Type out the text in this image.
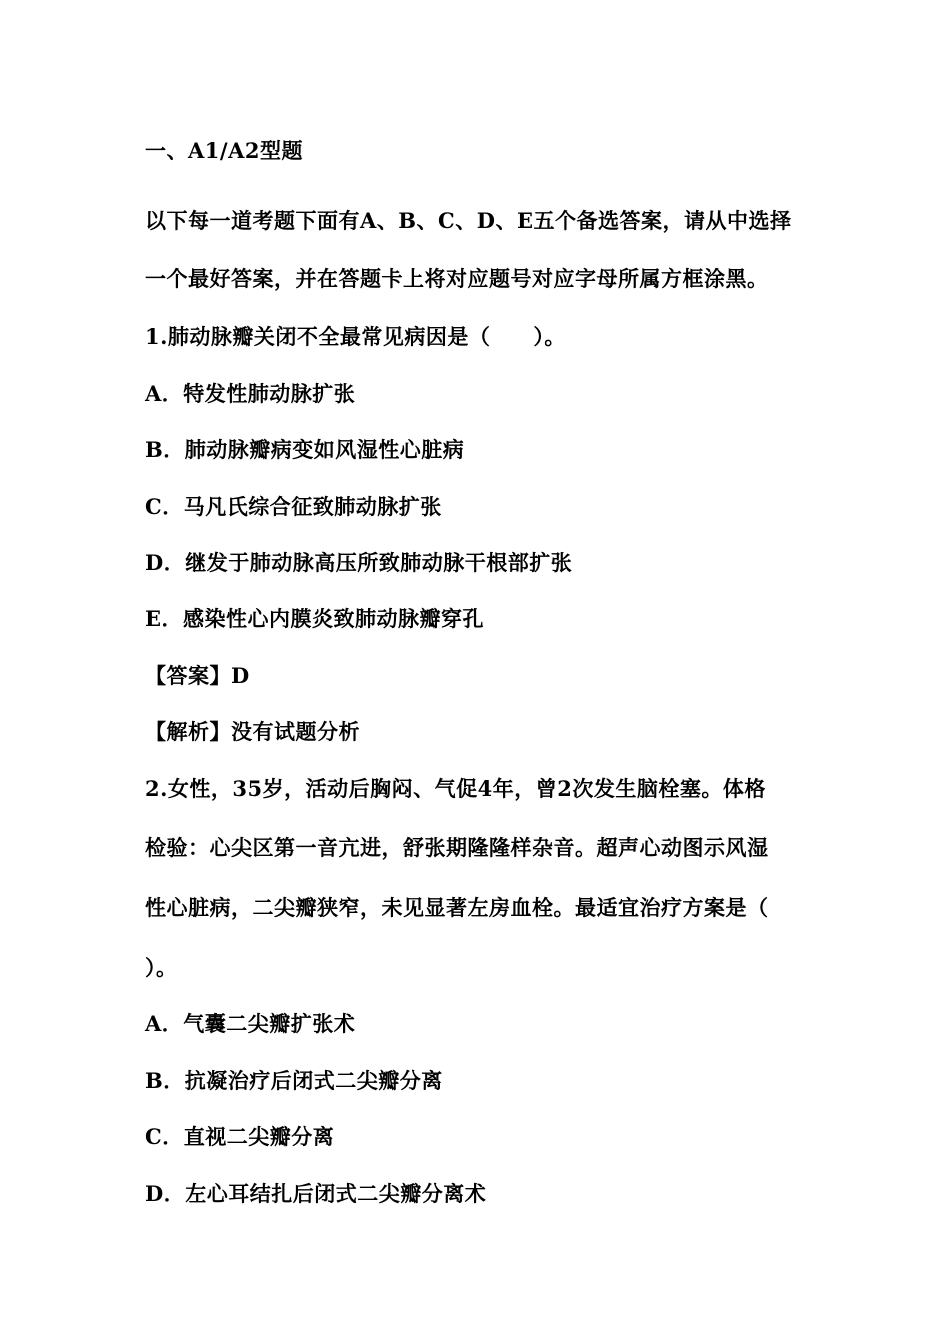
一、A1/A2型题
以下每一道考题下面有A、B、C、D、E五个备选答案，请从中选择
一个最好答案，并在答题卡上将对应题号对应字母所属方框涂黑。
1.肺动脉瓣关闭不全最常见病因是（　　）。
A．特发性肺动脉扩张
B．肺动脉瓣病变如风湿性心脏病
C．马凡氏综合征致肺动脉扩张
D．继发于肺动脉高压所致肺动脉干根部扩张
E．感染性心内膜炎致肺动脉瓣穿孔
【答案】D
【解析】没有试题分析
2.女性，35岁，活动后胸闷、气促4年，曾2次发生脑栓塞。体格
检验：心尖区第一音亢进，舒张期隆隆样杂音。超声心动图示风湿
性心脏病，二尖瓣狭窄，未见显著左房血栓。最适宜治疗方案是（
）。
A．气囊二尖瓣扩张术
B．抗凝治疗后闭式二尖瓣分离
C．直视二尖瓣分离
D．左心耳结扎后闭式二尖瓣分离术
